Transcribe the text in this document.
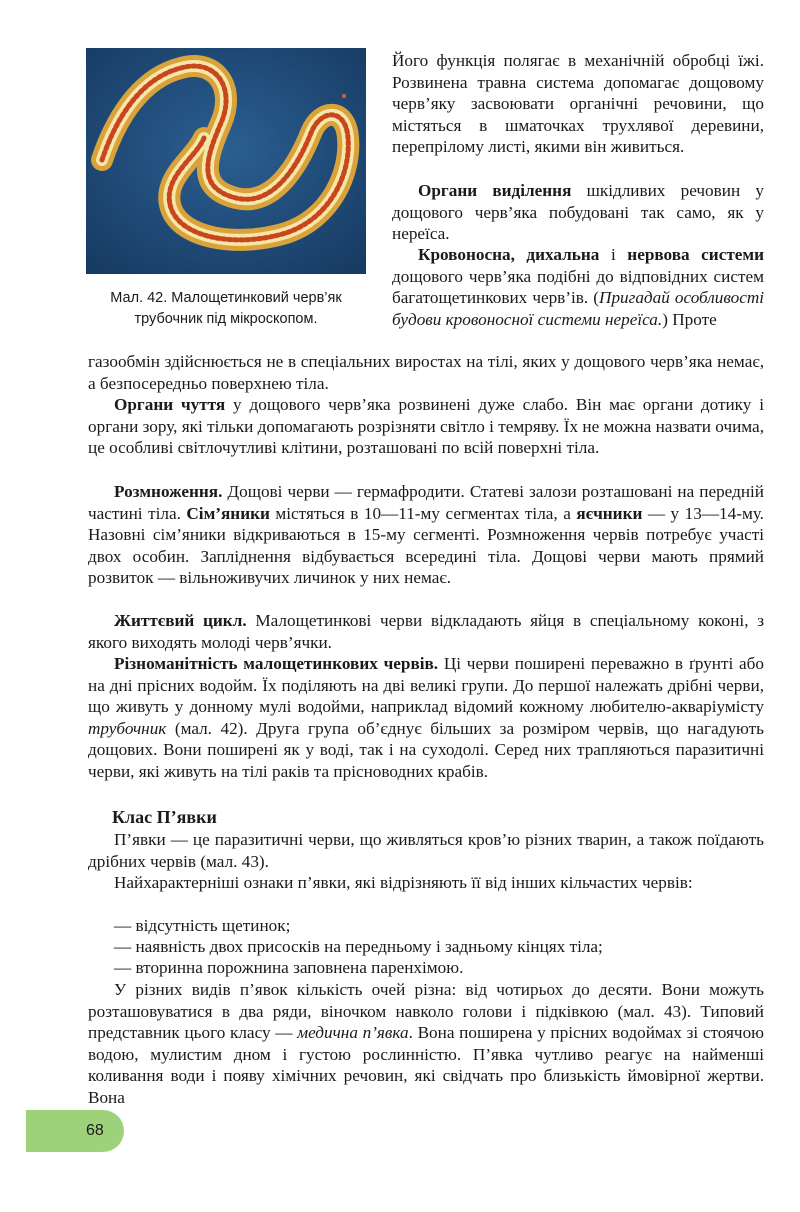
Мал. 42. Малощетинковий черв’як
трубочник під мікроскопом.

Його функція полягає в механічній обробці їжі. Розвинена травна система допомагає дощовому черв’яку засвоювати органічні речовини, що містяться в шматочках трухлявої деревини, перепрілому листі, якими він живиться.

Органи виділення шкідливих речовин у дощового черв’яка побудовані так само, як у нереїса.

Кровоносна, дихальна і нервова системи дощового черв’яка подібні до відповідних систем багатощетинкових черв’ів. (Пригадай особливості будови кровоносної системи нереїса.) Проте

газообмін здійснюється не в спеціальних виростах на тілі, яких у дощового черв’яка немає, а безпосередньо поверхнею тіла.

Органи чуття у дощового черв’яка розвинені дуже слабо. Він має органи дотику і органи зору, які тільки допомагають розрізняти світло і темряву. Їх не можна назвати очима, це особливі світлочутливі клітини, розташовані по всій поверхні тіла.

Розмноження. Дощові черви — гермафродити. Статеві залози розташовані на передній частині тіла. Сім’яники містяться в 10—11-му сегментах тіла, а яєчники — у 13—14-му. Назовні сім’яники відкриваються в 15-му сегменті. Розмноження червів потребує участі двох особин. Запліднення відбувається всередині тіла. Дощові черви мають прямий розвиток — вільноживучих личинок у них немає.

Життєвий цикл. Малощетинкові черви відкладають яйця в спеціальному коконі, з якого виходять молоді черв’ячки.

Різноманітність малощетинкових червів. Ці черви поширені переважно в ґрунті або на дні прісних водойм. Їх поділяють на дві великі групи. До першої належать дрібні черви, що живуть у донному мулі водойми, наприклад відомий кожному любителю-акваріумісту трубочник (мал. 42). Друга група об’єднує більших за розміром червів, що нагадують дощових. Вони поширені як у воді, так і на суходолі. Серед них трапляються паразитичні черви, які живуть на тілі раків та прісноводних крабів.

Клас П’явки

П’явки — це паразитичні черви, що живляться кров’ю різних тварин, а також поїдають дрібних червів (мал. 43).

Найхарактерніші ознаки п’явки, які відрізняють її від інших кільчастих червів:

— відсутність щетинок;

— наявність двох присосків на передньому і задньому кінцях тіла;

— вторинна порожнина заповнена паренхімою.

У різних видів п’явок кількість очей різна: від чотирьох до десяти. Вони можуть розташовуватися в два ряди, віночком навколо голови і підківкою (мал. 43). Типовий представник цього класу — медична п’явка. Вона поширена у прісних водоймах зі стоячою водою, мулистим дном і густою рослинністю. П’явка чутливо реагує на найменші коливання води і появу хімічних речовин, які свідчать про близькість ймовірної жертви. Вона

68
